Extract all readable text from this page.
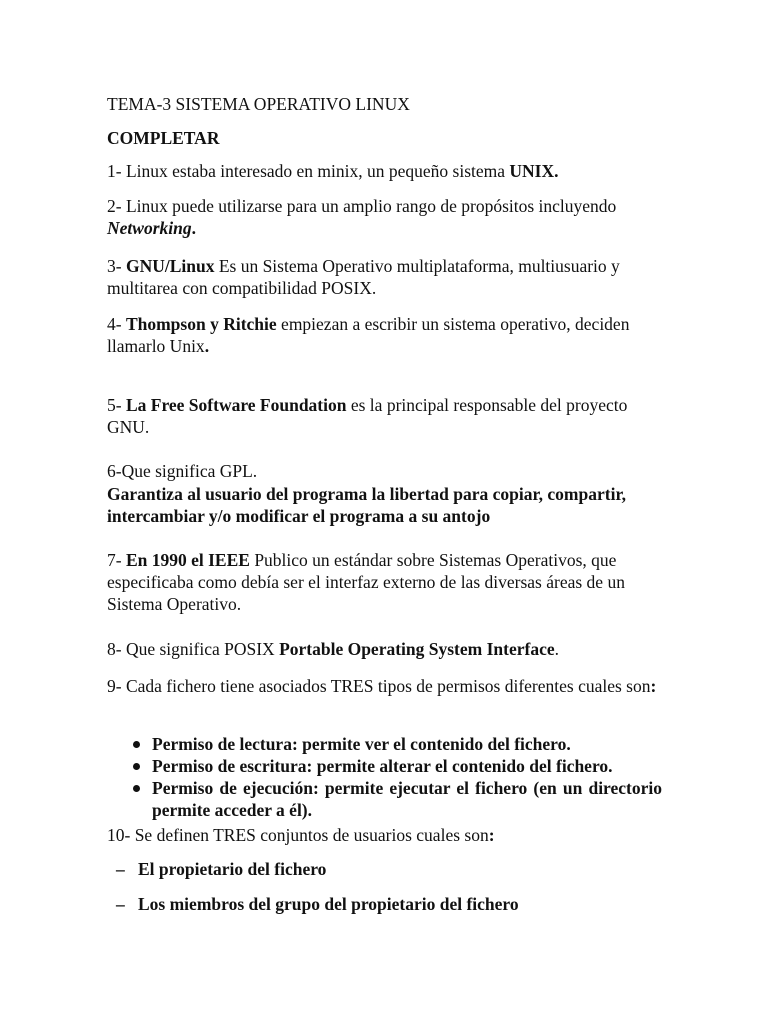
TEMA-3 SISTEMA OPERATIVO LINUX

COMPLETAR

1- Linux estaba interesado en minix, un pequeño sistema UNIX.

2- Linux puede utilizarse para un amplio rango de propósitos incluyendo Networking.

3- GNU/Linux Es un Sistema Operativo multiplataforma, multiusuario y multitarea con compatibilidad POSIX.

4- Thompson y Ritchie empiezan a escribir un sistema operativo, deciden llamarlo Unix.

5- La Free Software Foundation es la principal responsable del proyecto GNU.

6-Que significa GPL.

Garantiza al usuario del programa la libertad para copiar, compartir, intercambiar y/o modificar el programa a su antojo

7- En 1990 el IEEE Publico un estándar sobre Sistemas Operativos, que especificaba como debía ser el interfaz externo de las diversas áreas de un Sistema Operativo.

8- Que significa POSIX Portable Operating System Interface.

9- Cada fichero tiene asociados TRES tipos de permisos diferentes cuales son:

Permiso de lectura: permite ver el contenido del fichero.
Permiso de escritura: permite alterar el contenido del fichero.
Permiso de ejecución: permite ejecutar el fichero (en un directorio permite acceder a él).

10- Se definen TRES conjuntos de usuarios cuales son:

– El propietario del fichero

– Los miembros del grupo del propietario del fichero
